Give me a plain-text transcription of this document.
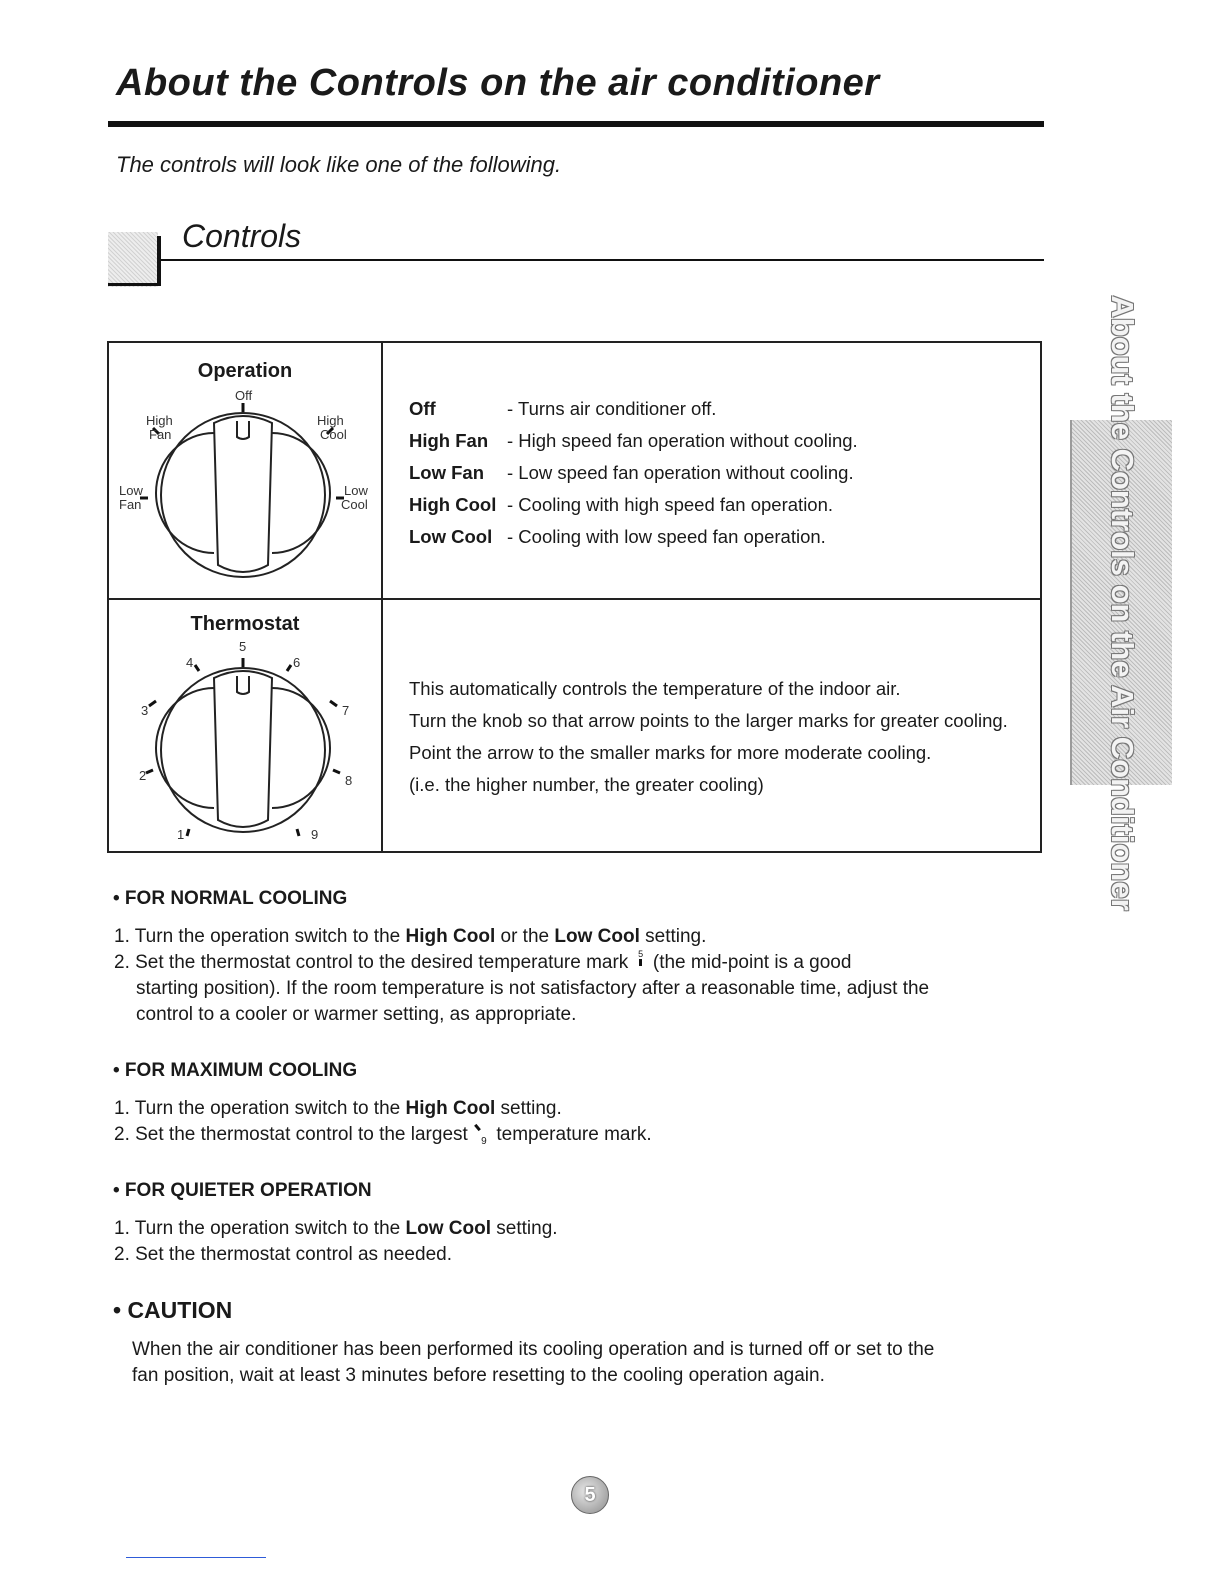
About the Controls on the air conditioner
The controls will look like one of the following.
Controls
Operation
Off
High
Fan
High
Cool
Low
Fan
Low
Cool
Off	- Turns air conditioner off.
High Fan - High speed fan operation without cooling.
Low Fan - Low speed fan operation without cooling.
High Cool - Cooling with high speed fan operation.
Low Cool - Cooling with low speed fan operation.
Thermostat
1
2
3
4
5
6
7
8
9
This automatically controls the temperature of the indoor air.
Turn the knob so that arrow points to the larger marks for greater cooling.
Point the arrow to the smaller marks for more moderate cooling.
(i.e. the higher number, the greater cooling)
• FOR NORMAL COOLING
1. Turn the operation switch to the High Cool or the Low Cool setting.
2. Set the thermostat control to the desired temperature mark	5 (the mid-point is a good
starting position). If the room temperature is not satisfactory after a reasonable time, adjust the
control to a cooler or warmer setting, as appropriate.
• FOR MAXIMUM COOLING
1. Turn the operation switch to the High Cool setting.
2. Set the thermostat control to the largest $_9$ temperature mark.
• FOR QUIETER OPERATION
1. Turn the operation switch to the Low Cool setting.
2. Set the thermostat control as needed.
• CAUTION
When the air conditioner has been performed its cooling operation and is turned off or set to the
fan position, wait at least 3 minutes before resetting to the cooling operation again.
About the Controls on the Air Conditioner
5
